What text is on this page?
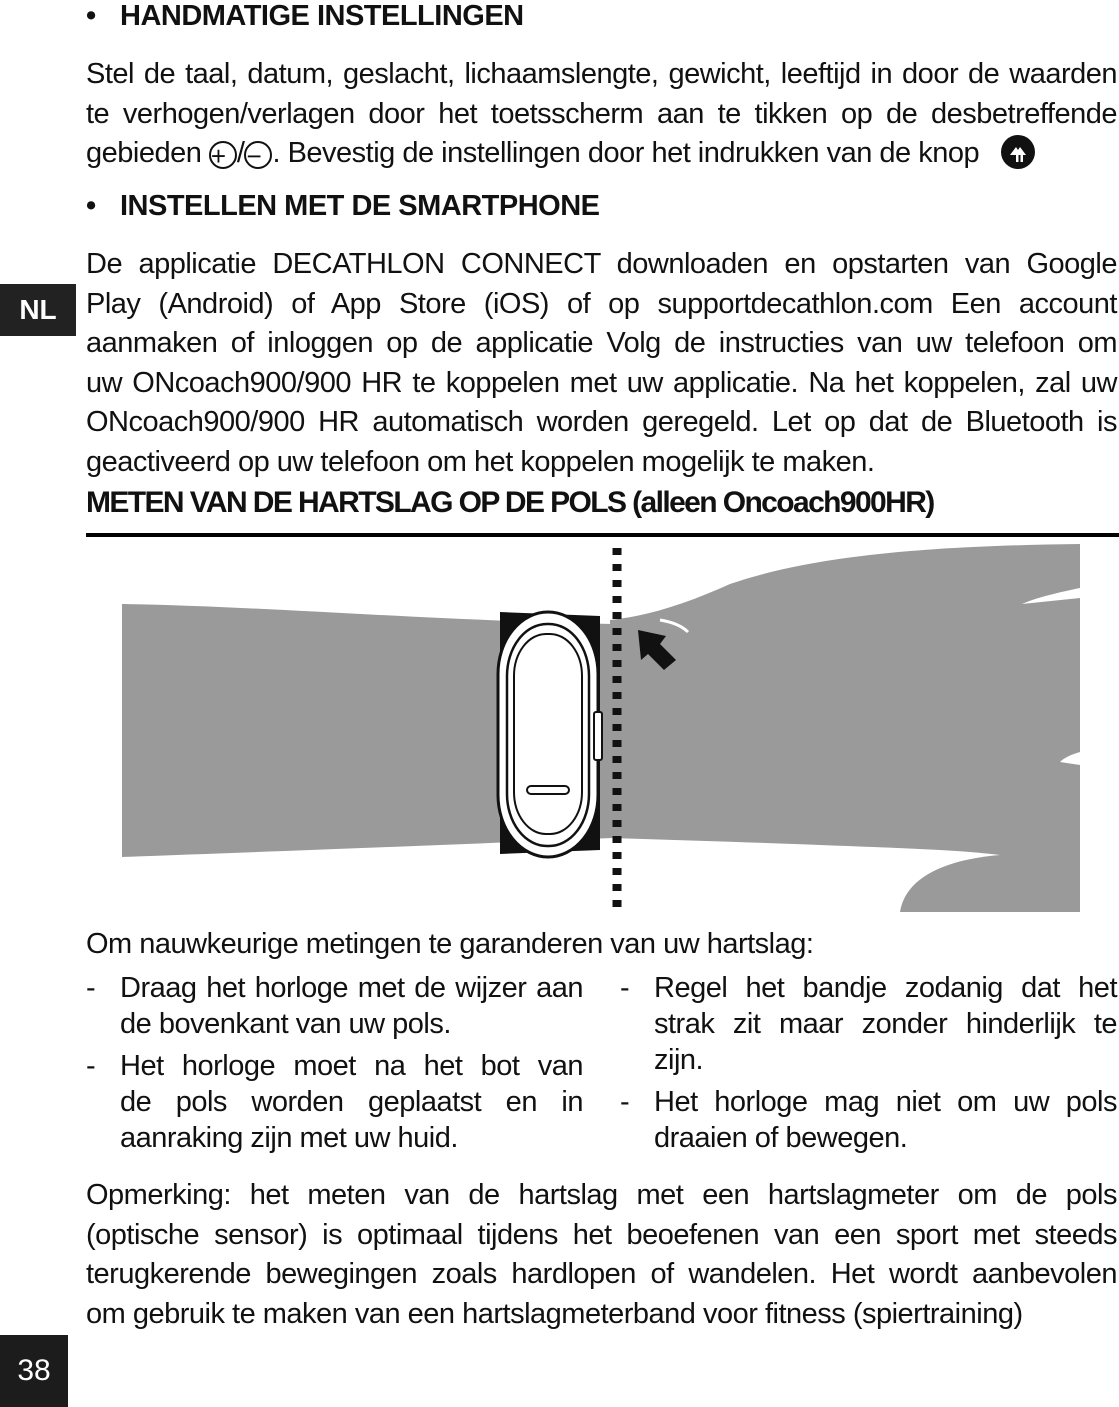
NL
• HANDMATIGE INSTELLINGEN
Stel de taal, datum, geslacht, lichaamslengte, gewicht, leeftijd in door de waarden
te verhogen/verlagen door het toetsscherm aan te tikken op de desbetreffende
gebieden + /− . Bevestig de instellingen door het indrukken van de knop
• INSTELLEN MET DE SMARTPHONE
De applicatie DECATHLON CONNECT downloaden en opstarten van Google
Play (Android) of App Store (iOS) of op supportdecathlon.com Een account
aanmaken of inloggen op de applicatie Volg de instructies van uw telefoon om
uw ONcoach900/900 HR te koppelen met uw applicatie. Na het koppelen, zal uw
ONcoach900/900 HR automatisch worden geregeld. Let op dat de Bluetooth is
geactiveerd op uw telefoon om het koppelen mogelijk te maken.
METEN VAN DE HARTSLAG OP DE POLS (alleen Oncoach900HR)
Om nauwkeurige metingen te garanderen van uw hartslag:
- Draag het horloge met de wijzer aan
de bovenkant van uw pols.
- Het horloge moet na het bot van
de pols worden geplaatst en in
aanraking zijn met uw huid.
- Regel het bandje zodanig dat het
strak zit maar zonder hinderlijk te
zijn.
- Het horloge mag niet om uw pols
draaien of bewegen.
Opmerking: het meten van de hartslag met een hartslagmeter om de pols
(optische sensor) is optimaal tijdens het beoefenen van een sport met steeds
terugkerende bewegingen zoals hardlopen of wandelen. Het wordt aanbevolen
om gebruik te maken van een hartslagmeterband voor fitness (spiertraining)
38
